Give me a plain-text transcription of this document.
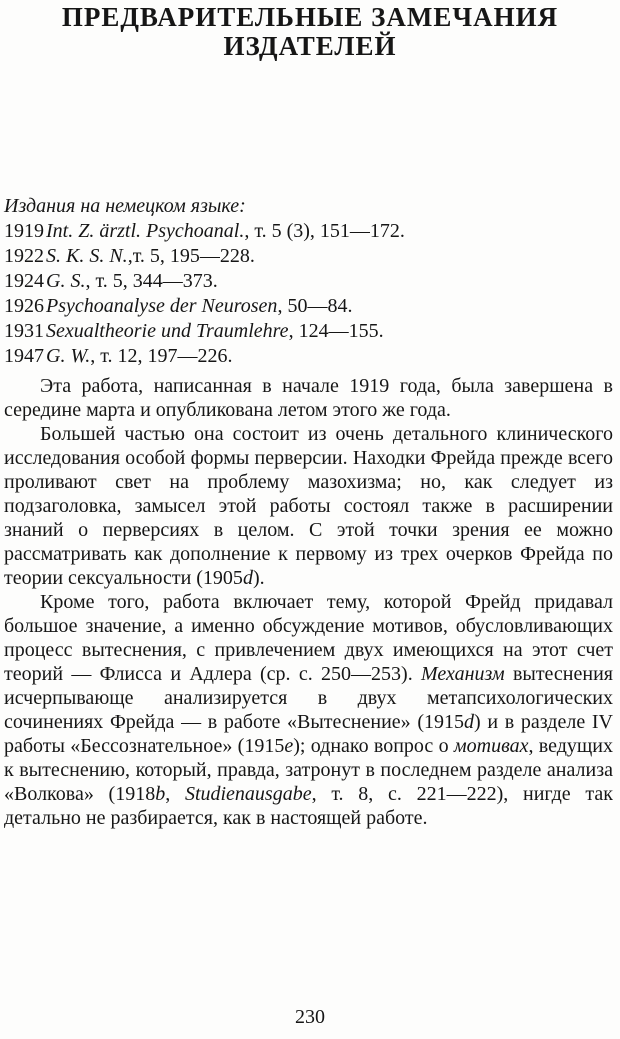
ПРЕДВАРИТЕЛЬНЫЕ ЗАМЕЧАНИЯ
ИЗДАТЕЛЕЙ
Издания на немецком языке:
1919 Int. Z. ärztl. Psychoanal., т. 5 (3), 151—172.
1922 S. K. S. N.,т. 5, 195—228.
1924 G. S., т. 5, 344—373.
1926 Psychoanalyse der Neurosen, 50—84.
1931 Sexualtheorie und Traumlehre, 124—155.
1947 G. W., т. 12, 197—226.

Эта работа, написанная в начале 1919 года, была завершена в середине марта и опубликована летом этого же года.

Большей частью она состоит из очень детального клинического исследования особой формы перверсии. Находки Фрейда прежде всего проливают свет на проблему мазохизма; но, как следует из подзаголовка, замысел этой работы состоял также в расширении знаний о перверсиях в целом. С этой точки зрения ее можно рассматривать как дополнение к первому из трех очерков Фрейда по теории сексуальности (1905d).

Кроме того, работа включает тему, которой Фрейд придавал большое значение, а именно обсуждение мотивов, обусловливающих процесс вытеснения, с привлечением двух имеющихся на этот счет теорий — Флисса и Адлера (ср. с. 250—253). Механизм вытеснения исчерпывающе анализируется в двух метапсихологических сочинениях Фрейда — в работе «Вытеснение» (1915d) и в разделе IV работы «Бессознательное» (1915e); однако вопрос о мотивах, ведущих к вытеснению, который, правда, затронут в последнем разделе анализа «Волкова» (1918b, Studienausgabe, т. 8, с. 221—222), нигде так детально не разбирается, как в настоящей работе.

230
